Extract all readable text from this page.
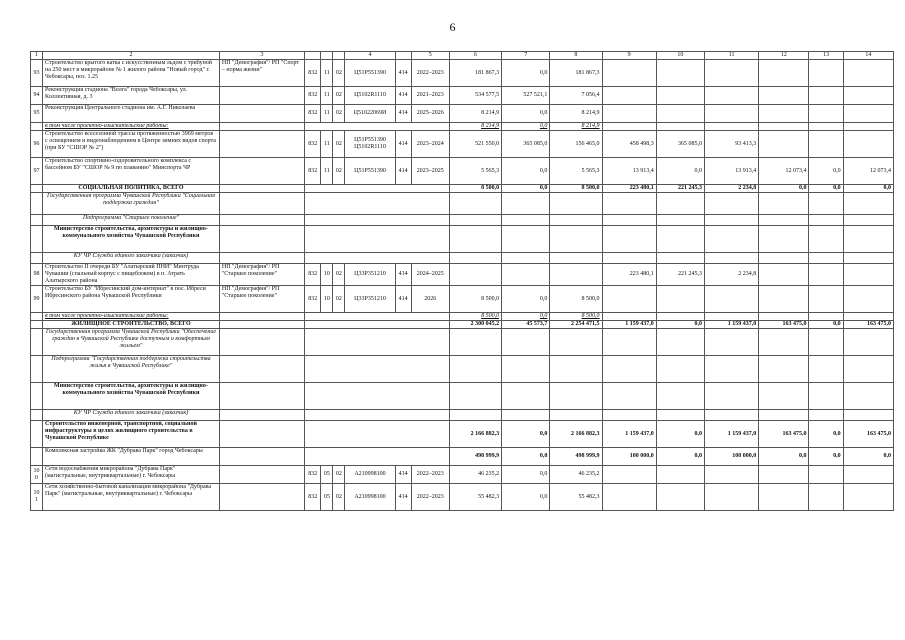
6
1	2	3				4		5	6	7	8	9	10	11	12	13	14
93	Строительство крытого катка с искусственным льдом с трибуной на 250 мест в микрорайоне № 1 жилого района "Новый город" г. Чебоксары, поз. 1.25	НП "Демография"/ РП "Спорт – норма жизни"	832	11	02	Ц51Р551390	414	2022–2023	181 867,3	0,0	181 867,3						
94	Реконструкция стадиона "Волга" города Чебоксары, ул. Коллективная, д. 3		832	11	02	Ц5102R1110	414	2021–2023	534 577,5	527 521,1	7 056,4						
95	Реконструкция Центрального стадиона им. А.Г. Николаева		832	11	02	Ц51022069И	414	2025–2026	8 214,9	0,0	8 214,9						
	в том числе проектно-изыскательские работы:								8 214,9	0,0	8 214,9						
96	Строительство всесезонной трассы протяженностью 3969 метров с освещением и видеонаблюдением в Центре зимних видов спорта (при БУ "СШОР № 2")		832	11	02	Ц51Р551390 Ц5102R1110	414	2023–2024	521 550,0	365 085,0	156 465,0	458 498,3	365 085,0	93 413,3			
97	Строительство спортивно-оздоровительного комплекса с бассейном БУ "СШОР № 9 по плаванию" Минспорта ЧР		832	11	02	Ц51Р551390	414	2023–2025	5 565,3	0,0	5 565,3	13 913,4	0,0	13 913,4	12 073,4	0,0	12 073,4
	СОЦИАЛЬНАЯ ПОЛИТИКА, ВСЕГО								8 500,0	0,0	8 500,0	223 480,1	221 245,3	2 234,8	0,0	0,0	0,0
	Государственная программа Чувашской Республики "Социальная поддержка граждан"																
	Подпрограмма "Старшее поколение"																
	Министерство строительства, архитектуры и жилищно-коммунального хозяйства Чувашской Республики																
	КУ ЧР Служба единого заказчика (заказчик)																
98	Строительство II очереди БУ "Алатырский ПНИ" Минтруда Чувашии (спальный корпус с пищеблоком) в п. Атрать Алатырского района	НП "Демография"/ РП "Старшее поколение"	832	10	02	Ц33Р351210	414	2024–2025				223 480,1	221 245,3	2 234,8			
99	Строительство БУ "Ибресинский дом-интернат" в пос. Ибреси Ибресинского района Чувашской Республики	НП "Демография"/ РП "Старшее поколение"	832	10	02	Ц33Р351210	414	2026	8 500,0	0,0	8 500,0						
	в том числе проектно-изыскательские работы:								8 500,0	0,0	8 500,0						
	ЖИЛИЩНОЕ СТРОИТЕЛЬСТВО, ВСЕГО								2 300 045,2	45 573,7	2 254 471,5	1 159 437,0	0,0	1 159 437,0	163 475,0	0,0	163 475,0
	Государственная программа Чувашской Республики "Обеспечение граждан в Чувашской Республике доступным и комфортным жильем"																
	Подпрограмма "Государственная поддержка строительства жилья в Чувашской Республике"																
	Министерство строительства, архитектуры и жилищно-коммунального хозяйства Чувашской Республики																
	КУ ЧР Служба единого заказчика (заказчик)																
	Строительство инженерной, транспортной, социальной инфраструктуры в целях жилищного строительства в Чувашской Республике								2 166 882,3	0,0	2 166 882,3	1 159 437,0	0,0	1 159 437,0	163 475,0	0,0	163 475,0
	Комплексная застройка ЖК "Дубрава Парк" город Чебоксары								498 999,9	0,0	498 999,9	100 000,0	0,0	100 000,0	0,0	0,0	0,0
100	Сети водоснабжения микрорайона "Дубрава Парк" (магистральные, внутриквартальные) г. Чебоксары		832	05	02	А210998100	414	2022–2023	46 235,2	0,0	46 235,2						
101	Сети хозяйственно-бытовой канализации микрорайона "Дубрава Парк" (магистральные, внутриквартальные) г. Чебоксары		832	05	02	А210998100	414	2022–2023	55 482,3	0,0	55 482,3						
